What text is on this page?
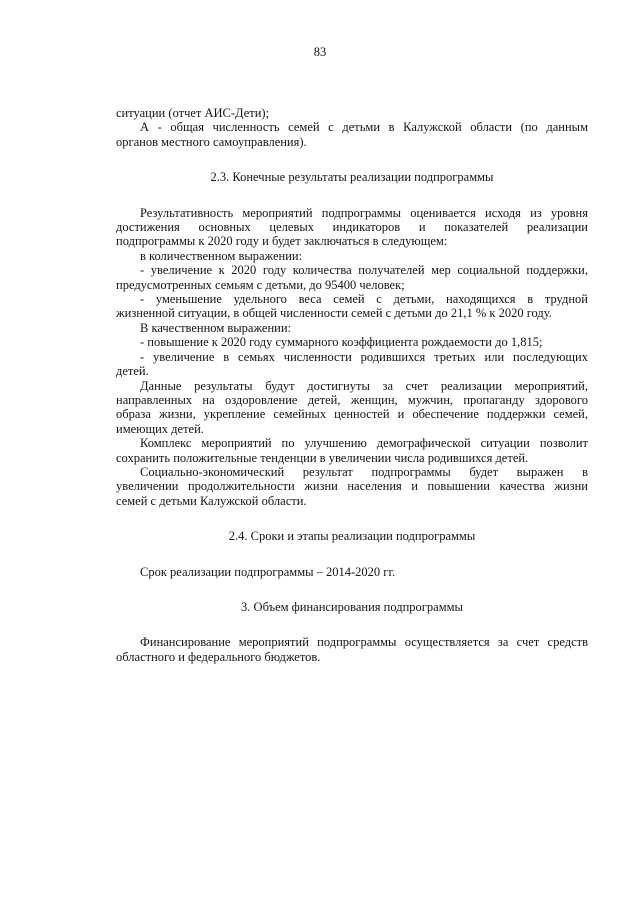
83

ситуации (отчет АИС-Дети);

А - общая численность семей с детьми в Калужской области (по данным

органов местного самоуправления).

2.3. Конечные результаты реализации подпрограммы

Результативность мероприятий подпрограммы оценивается исходя из уровня

достижения основных целевых индикаторов и показателей реализации

подпрограммы к 2020 году и будет заключаться в следующем:

в количественном выражении:

- увеличение к 2020 году количества получателей мер социальной поддержки,

предусмотренных семьям с детьми, до 95400 человек;

- уменьшение удельного веса семей с детьми, находящихся в трудной

жизненной ситуации, в общей численности семей с детьми до 21,1 % к 2020 году.

В качественном выражении:

- повышение к 2020 году суммарного коэффициента рождаемости до 1,815;

- увеличение в семьях численности родившихся третьих или последующих

детей.

Данные результаты будут достигнуты за счет реализации мероприятий,

направленных на оздоровление детей, женщин, мужчин, пропаганду здорового

образа жизни, укрепление семейных ценностей и обеспечение поддержки семей,

имеющих детей.

Комплекс мероприятий по улучшению демографической ситуации позволит

сохранить положительные тенденции в увеличении числа родившихся детей.

Социально-экономический результат подпрограммы будет выражен в

увеличении продолжительности жизни населения и повышении качества жизни

семей с детьми Калужской области.

2.4. Сроки и этапы реализации подпрограммы

Срок реализации подпрограммы – 2014-2020 гг.

3. Объем финансирования подпрограммы

Финансирование мероприятий подпрограммы осуществляется за счет средств

областного и федерального бюджетов.
